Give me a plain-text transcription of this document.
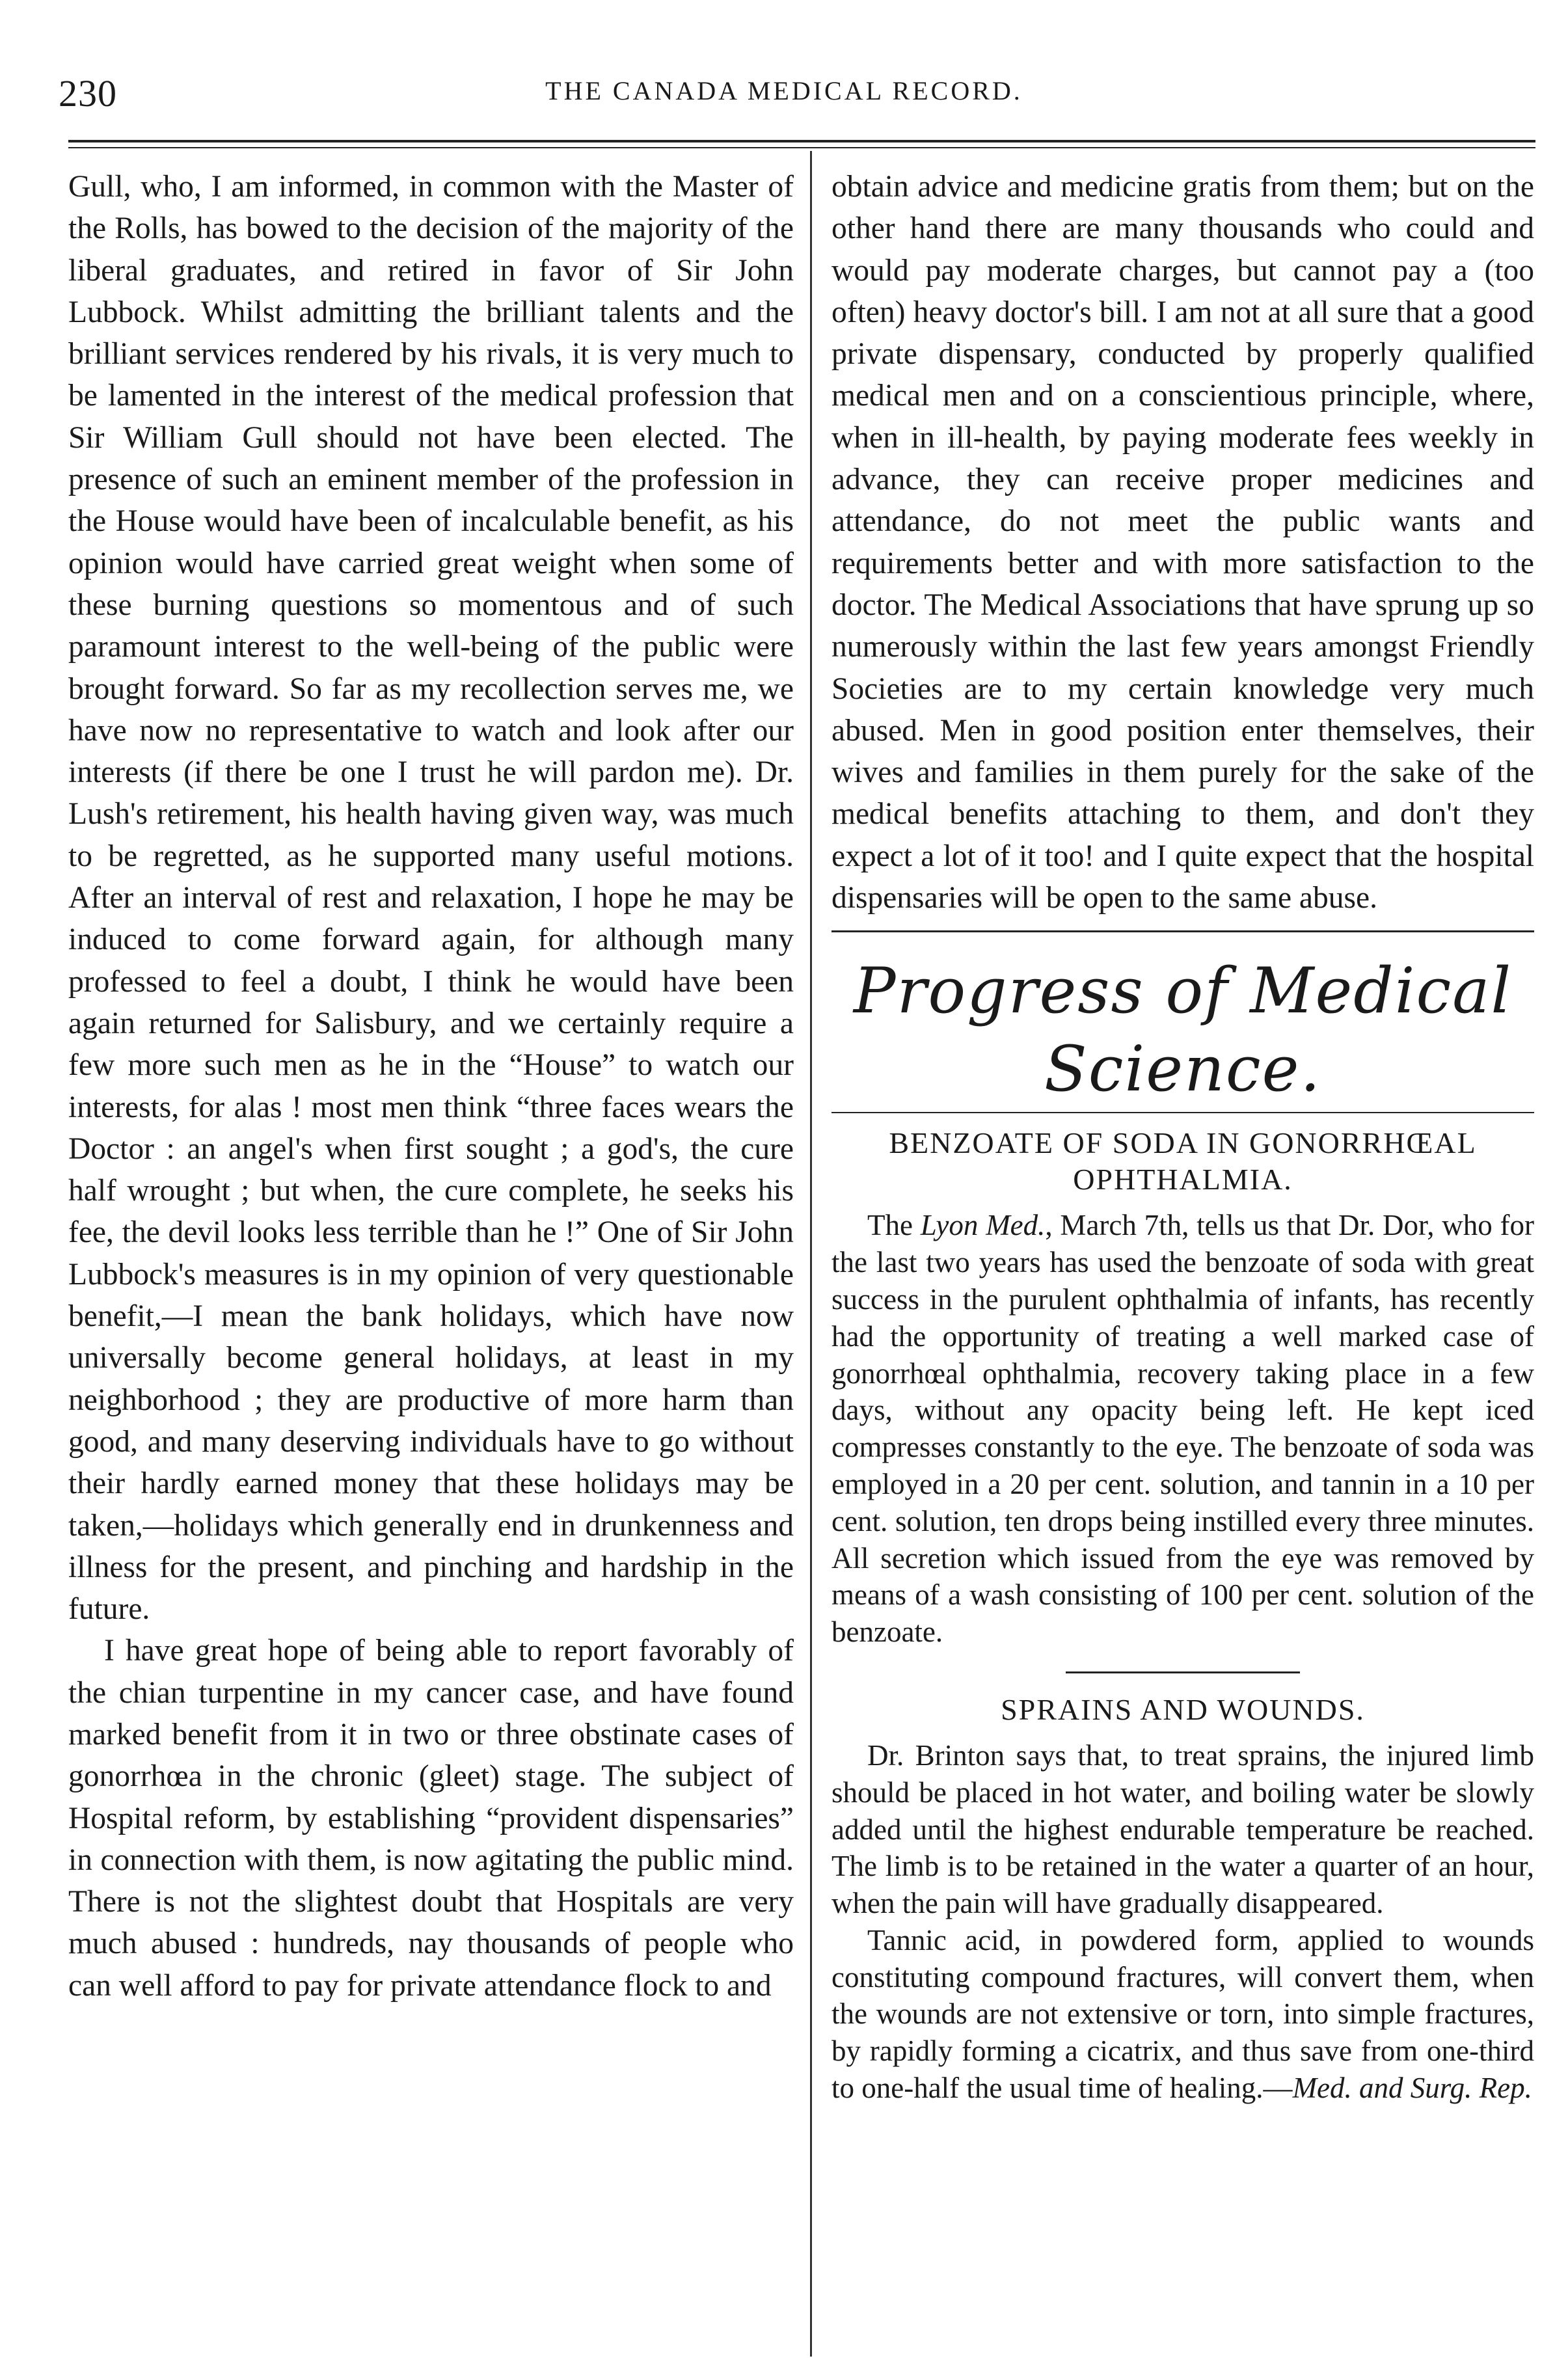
230	THE CANADA MEDICAL RECORD.

Gull, who, I am informed, in common with the Master of the Rolls, has bowed to the decision of the majority of the liberal graduates, and retired in favor of Sir John Lubbock. Whilst admitting the brilliant talents and the brilliant services rendered by his rivals, it is very much to be lamented in the interest of the medical profession that Sir William Gull should not have been elected. The presence of such an eminent member of the profession in the House would have been of incalculable benefit, as his opinion would have carried great weight when some of these burning questions so momentous and of such paramount interest to the well-being of the public were brought forward. So far as my recollection serves me, we have now no representative to watch and look after our interests (if there be one I trust he will pardon me). Dr. Lush's retirement, his health having given way, was much to be regretted, as he supported many useful motions. After an interval of rest and relaxation, I hope he may be induced to come forward again, for although many professed to feel a doubt, I think he would have been again returned for Salisbury, and we certainly require a few more such men as he in the “House” to watch our interests, for alas ! most men think “three faces wears the Doctor : an angel's when first sought ; a god's, the cure half wrought ; but when, the cure complete, he seeks his fee, the devil looks less terrible than he !” One of Sir John Lubbock's measures is in my opinion of very questionable benefit,—I mean the bank holidays, which have now universally become general holidays, at least in my neighborhood ; they are productive of more harm than good, and many deserving individuals have to go without their hardly earned money that these holidays may be taken,—holidays which generally end in drunkenness and illness for the present, and pinching and hardship in the future.

I have great hope of being able to report favorably of the chian turpentine in my cancer case, and have found marked benefit from it in two or three obstinate cases of gonorrhœa in the chronic (gleet) stage. The subject of Hospital reform, by establishing “provident dispensaries” in connection with them, is now agitating the public mind. There is not the slightest doubt that Hospitals are very much abused : hundreds, nay thousands of people who can well afford to pay for private attendance flock to and

obtain advice and medicine gratis from them; but on the other hand there are many thousands who could and would pay moderate charges, but cannot pay a (too often) heavy doctor's bill. I am not at all sure that a good private dispensary, conducted by properly qualified medical men and on a conscientious principle, where, when in ill-health, by paying moderate fees weekly in advance, they can receive proper medicines and attendance, do not meet the public wants and requirements better and with more satisfaction to the doctor. The Medical Associations that have sprung up so numerously within the last few years amongst Friendly Societies are to my certain knowledge very much abused. Men in good position enter themselves, their wives and families in them purely for the sake of the medical benefits attaching to them, and don't they expect a lot of it too! and I quite expect that the hospital dispensaries will be open to the same abuse.

Progress of Medical Science.
BENZOATE OF SODA IN GONORRHŒAL OPHTHALMIA.

The Lyon Med., March 7th, tells us that Dr. Dor, who for the last two years has used the benzoate of soda with great success in the purulent ophthalmia of infants, has recently had the opportunity of treating a well marked case of gonorrhœal ophthalmia, recovery taking place in a few days, without any opacity being left. He kept iced compresses constantly to the eye. The benzoate of soda was employed in a 20 per cent. solution, and tannin in a 10 per cent. solution, ten drops being instilled every three minutes. All secretion which issued from the eye was removed by means of a wash consisting of 100 per cent. solution of the benzoate.

SPRAINS AND WOUNDS.

Dr. Brinton says that, to treat sprains, the injured limb should be placed in hot water, and boiling water be slowly added until the highest endurable temperature be reached. The limb is to be retained in the water a quarter of an hour, when the pain will have gradually disappeared.

Tannic acid, in powdered form, applied to wounds constituting compound fractures, will convert them, when the wounds are not extensive or torn, into simple fractures, by rapidly forming a cicatrix, and thus save from one-third to one-half the usual time of healing.—Med. and Surg. Rep.
